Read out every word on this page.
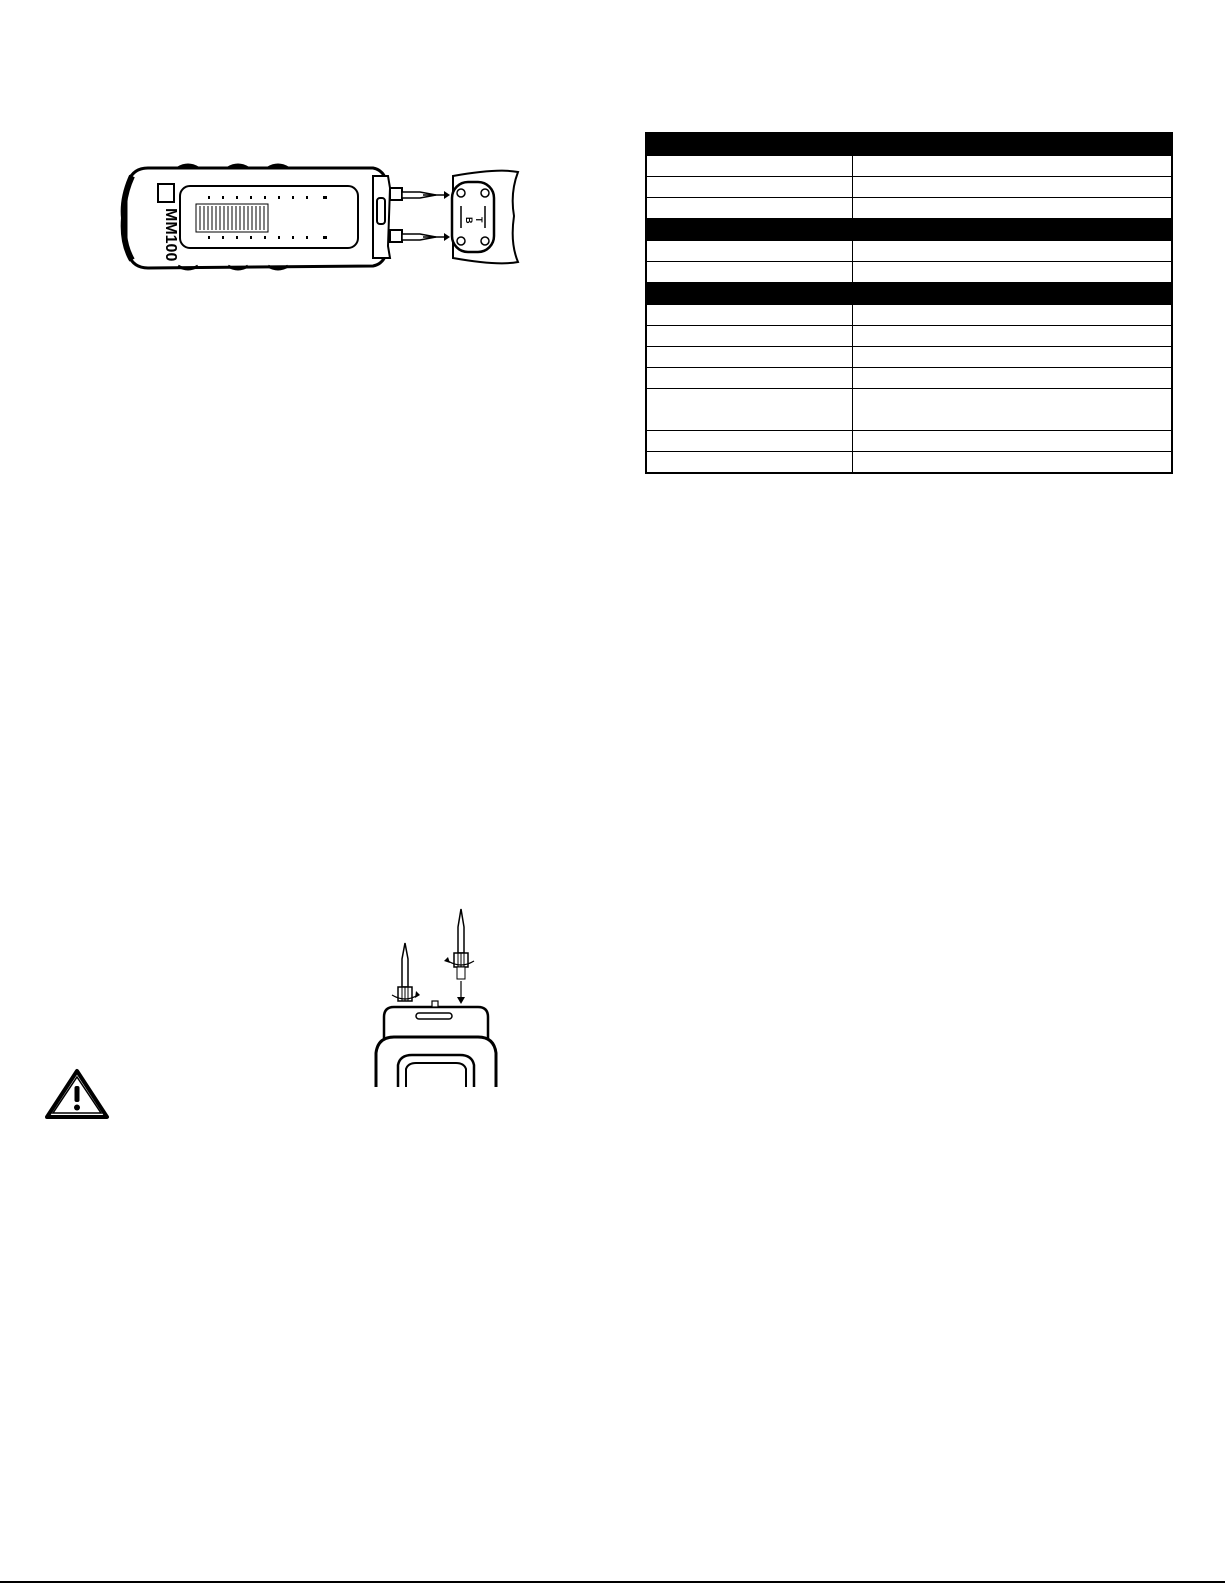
MM100	B T
